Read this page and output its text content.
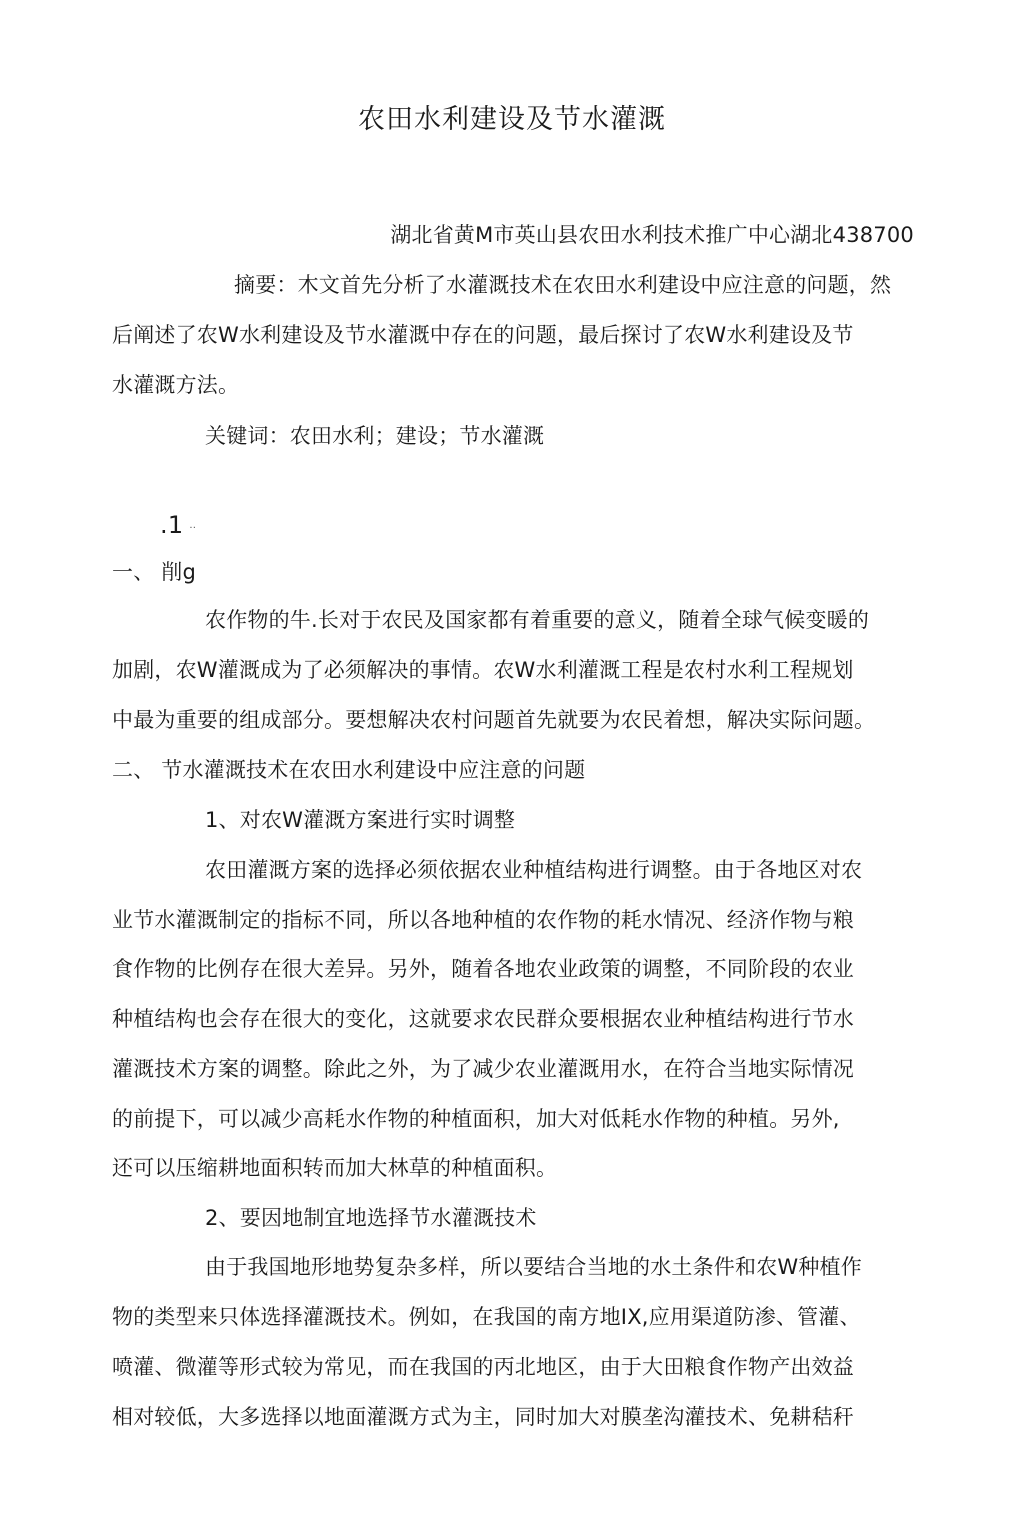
农田水利建设及节水灌溉
湖北省黄M市英山县农田水利技术推广中心湖北438700
摘要：木文首先分析了水灌溉技术在农田水利建设中应注意的问题，然
后阐述了农W水利建设及节水灌溉中存在的问题，最后探讨了农W水利建设及节
水灌溉方法。
关键词：农田水利；建设；节水灌溉
.1 ..
一、 削g
农作物的牛.长对于农民及国家都有着重要的意义，随着全球气候变暖的
加剧，农W灌溉成为了必须解决的事情。农W水利灌溉工程是农村水利工程规划
中最为重要的组成部分。要想解决农村问题首先就要为农民着想，解决实际问题。
二、 节水灌溉技术在农田水利建设中应注意的问题
1、对农W灌溉方案进行实时调整
农田灌溉方案的选择必须依据农业种植结构进行调整。由于各地区对农
业节水灌溉制定的指标不同，所以各地种植的农作物的耗水情况、经济作物与粮
食作物的比例存在很大差异。另外，随着各地农业政策的调整，不同阶段的农业
种植结构也会存在很大的变化，这就要求农民群众要根据农业种植结构进行节水
灌溉技术方案的调整。除此之外，为了减少农业灌溉用水，在符合当地实际情况
的前提下，可以减少高耗水作物的种植面积，加大对低耗水作物的种植。另外,
还可以压缩耕地面积转而加大林草的种植面积。
2、要因地制宜地选择节水灌溉技术
由于我国地形地势复杂多样，所以要结合当地的水土条件和农W种植作
物的类型来只体选择灌溉技术。例如，在我国的南方地IX,应用渠道防渗、管灌、
喷灌、微灌等形式较为常见，而在我国的丙北地区，由于大田粮食作物产出效益
相对较低，大多选择以地面灌溉方式为主，同时加大对膜垄沟灌技术、免耕秸秆
